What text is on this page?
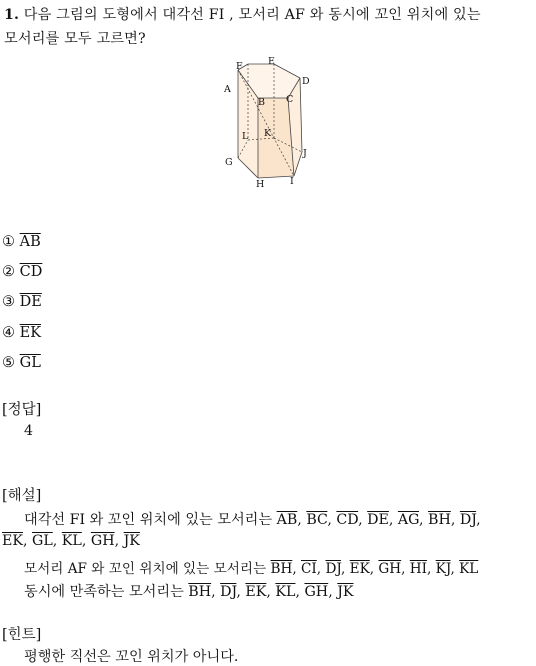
1. 다음 그림의 도형에서 대각선 FI , 모서리 AF 와 동시에 꼬인 위치에 있는
모서리를 모두 고르면?
A
B C
D
E
F
G
H	I
J
K
L
① $\overline{AB}$
② $\overline{CD}$
③ $\overline{DE}$
④ $\overline{EK}$
⑤ $\overline{GL}$
[정답]
4
[해설]
대각선 FI 와 꼬인 위치에 있는 모서리는 $\overline{AB}$, $\overline{BC}$, $\overline{CD}$, $\overline{DE}$, $\overline{AG}$, $\overline{BH}$, $\overline{DJ}$,
$\overline{EK}$, $\overline{GL}$, $\overline{KL}$, $\overline{GH}$, $\overline{JK}$
모서리 AF 와 꼬인 위치에 있는 모서리는 $\overline{BH}$, $\overline{CI}$, $\overline{DJ}$, $\overline{EK}$, $\overline{GH}$, $\overline{HI}$, $\overline{KJ}$, $\overline{KL}$
동시에 만족하는 모서리는 $\overline{BH}$, $\overline{DJ}$, $\overline{EK}$, $\overline{KL}$, $\overline{GH}$, $\overline{JK}$
[힌트]
평행한 직선은 꼬인 위치가 아니다.
